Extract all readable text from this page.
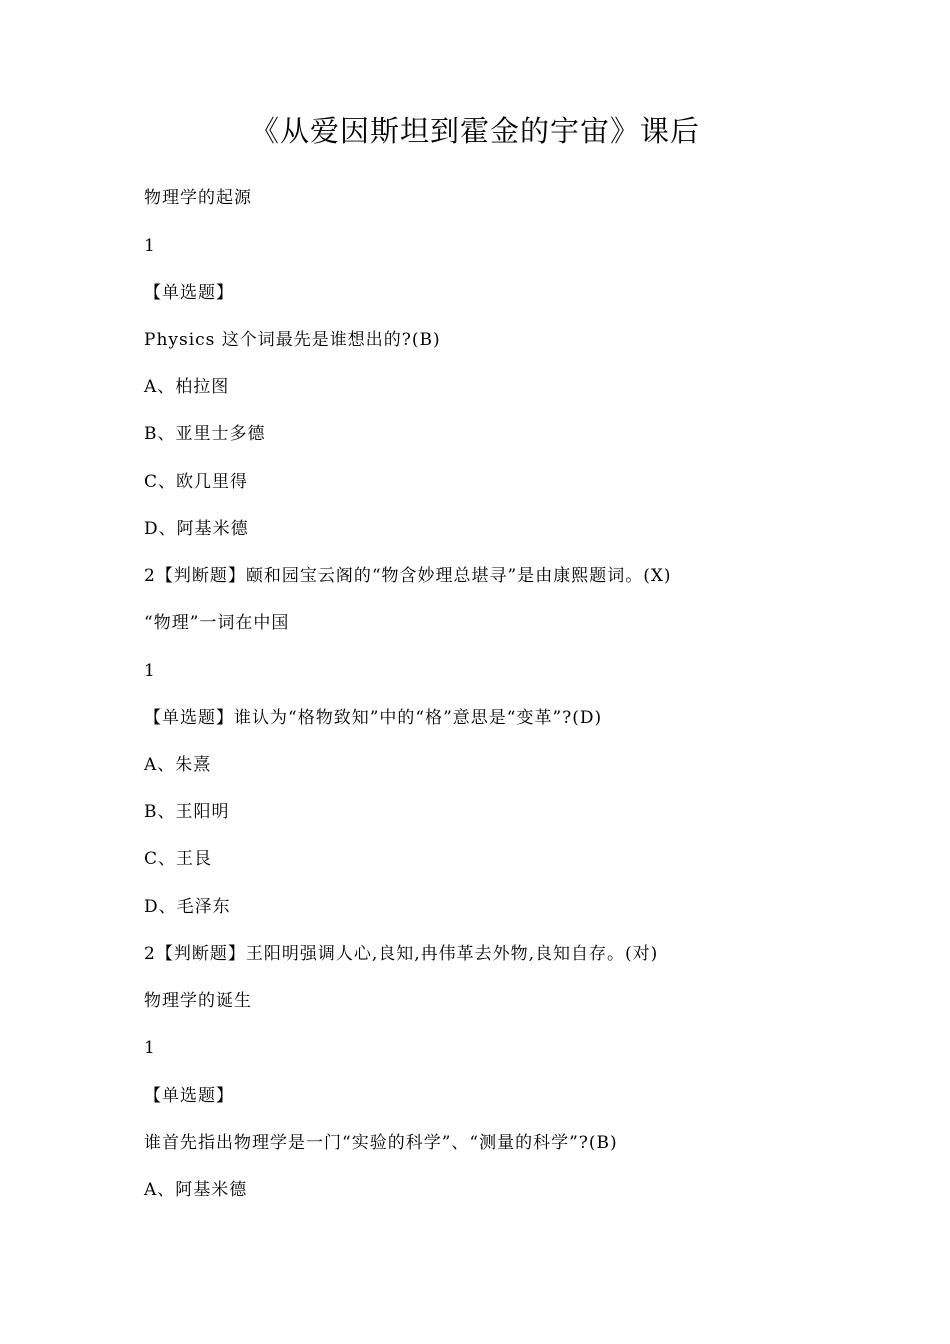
《从爱因斯坦到霍金的宇宙》课后
物理学的起源
1
【单选题】
Physics 这个词最先是谁想出的?(B)
A、柏拉图
B、亚里士多德
C、欧几里得
D、阿基米德
2【判断题】颐和园宝云阁的“物含妙理总堪寻”是由康熙题词。(X)
“物理”一词在中国
1
【单选题】谁认为“格物致知”中的“格”意思是“变革”?(D)
A、朱熹
B、王阳明
C、王艮
D、毛泽东
2【判断题】王阳明强调人心,良知,冉伟革去外物,良知自存。(对)
物理学的诞生
1
【单选题】
谁首先指出物理学是一门“实验的科学”、“测量的科学”?(B)
A、阿基米德
